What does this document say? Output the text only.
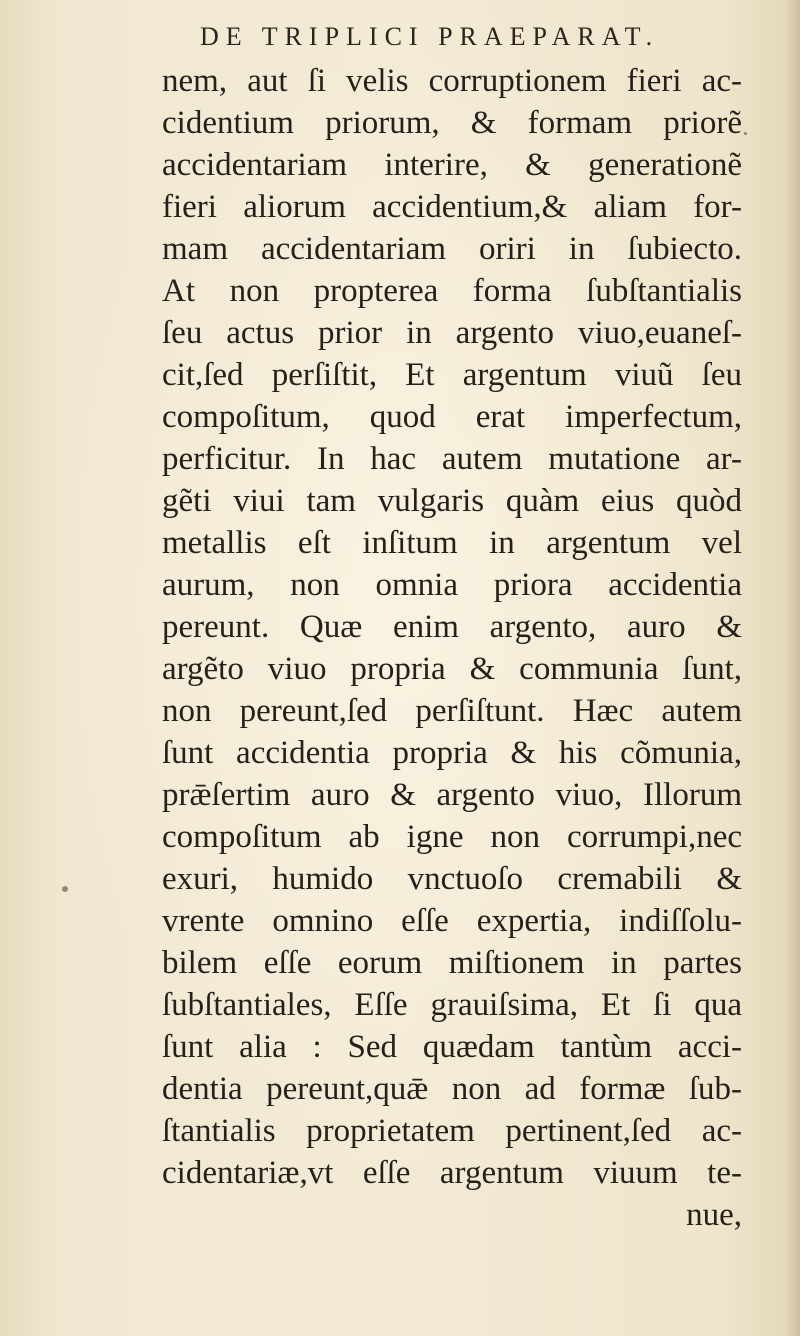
DE TRIPLICI PRAEPARAT.
nem, aut ſi velis corruptionem fieri ac-
cidentium priorum, & formam priorẽ
accidentariam interire, & generationẽ
fieri aliorum accidentium,& aliam for-
mam accidentariam oriri in ſubiecto.
At non propterea forma ſubſtantialis
ſeu actus prior in argento viuo,euaneſ-
cit,ſed perſiſtit, Et argentum viuũ ſeu
compoſitum, quod erat imperfectum,
perficitur. In hac autem mutatione ar-
gẽti viui tam vulgaris quàm eius quòd
metallis eſt inſitum in argentum vel
aurum, non omnia priora accidentia
pereunt. Quæ enim argento, auro &
argẽto viuo propria & communia ſunt,
non pereunt,ſed perſiſtunt. Hæc autem
ſunt accidentia propria & his cõmunia,
prǣſertim auro & argento viuo, Illorum
compoſitum ab igne non corrumpi,nec
exuri, humido vnctuoſo cremabili &
vrente omnino eſſe expertia, indiſſolu-
bilem eſſe eorum miſtionem in partes
ſubſtantiales, Eſſe grauiſsima, Et ſi qua
ſunt alia : Sed quædam tantùm acci-
dentia pereunt,quǣ non ad formæ ſub-
ſtantialis proprietatem pertinent,ſed ac-
cidentariæ,vt eſſe argentum viuum te-
nue,
